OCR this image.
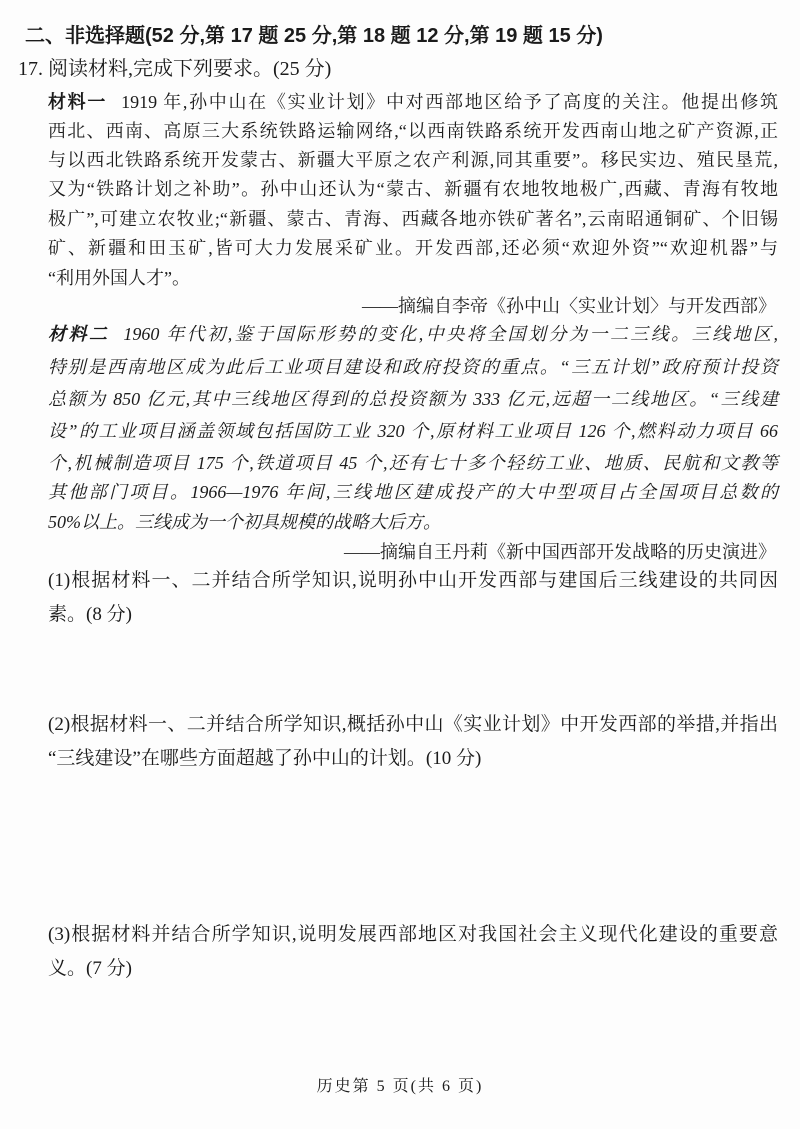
二、非选择题(52 分,第 17 题 25 分,第 18 题 12 分,第 19 题 15 分)
17. 阅读材料,完成下列要求。(25 分)
材料一 1919 年,孙中山在《实业计划》中对西部地区给予了高度的关注。他提出修筑
西北、西南、高原三大系统铁路运输网络,“以西南铁路系统开发西南山地之矿产资源,正
与以西北铁路系统开发蒙古、新疆大平原之农产利源,同其重要”。移民实边、殖民垦荒,
又为“铁路计划之补助”。孙中山还认为“蒙古、新疆有农地牧地极广,西藏、青海有牧地
极广”,可建立农牧业;“新疆、蒙古、青海、西藏各地亦铁矿著名”,云南昭通铜矿、个旧锡
矿、新疆和田玉矿,皆可大力发展采矿业。开发西部,还必须“欢迎外资”“欢迎机器”与
“利用外国人才”。
——摘编自李帝《孙中山〈实业计划〉与开发西部》
材料二 1960 年代初,鉴于国际形势的变化,中央将全国划分为一二三线。三线地区,
特别是西南地区成为此后工业项目建设和政府投资的重点。“三五计划”政府预计投资
总额为 850 亿元,其中三线地区得到的总投资额为 333 亿元,远超一二线地区。“三线建
设”的工业项目涵盖领域包括国防工业 320 个,原材料工业项目 126 个,燃料动力项目 66
个,机械制造项目 175 个,铁道项目 45 个,还有七十多个轻纺工业、地质、民航和文教等
其他部门项目。1966—1976 年间,三线地区建成投产的大中型项目占全国项目总数的
50%以上。三线成为一个初具规模的战略大后方。
——摘编自王丹莉《新中国西部开发战略的历史演进》
(1)根据材料一、二并结合所学知识,说明孙中山开发西部与建国后三线建设的共同因
素。(8 分)
(2)根据材料一、二并结合所学知识,概括孙中山《实业计划》中开发西部的举措,并指出
“三线建设”在哪些方面超越了孙中山的计划。(10 分)
(3)根据材料并结合所学知识,说明发展西部地区对我国社会主义现代化建设的重要意
义。(7 分)
历史第 5 页(共 6 页)
